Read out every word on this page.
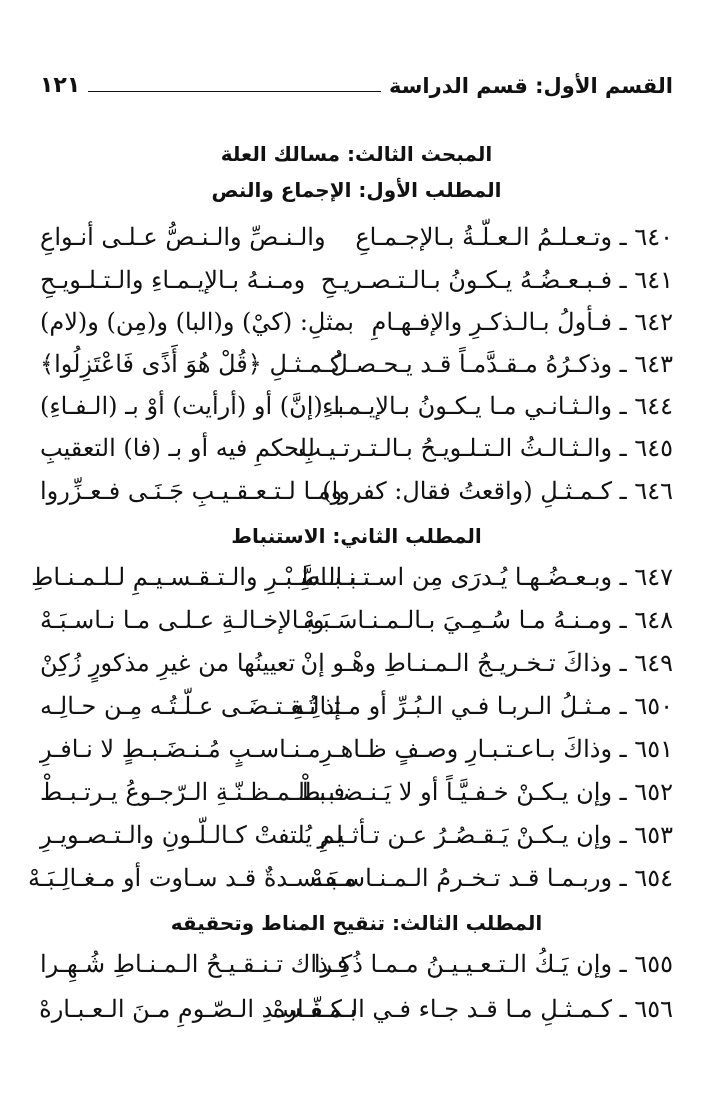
القسم الأول: قسم الدراسة
١٢١
المبحث الثالث: مسالك العلة
المطلب الأول: الإجماع والنص
٦٤٠ ـ وتـعـلـمُ الـعـلّـةُ بـالإجـمـاعِ
والـنـصِّ والـنـصُّ عـلـى أنـواعِ
٦٤١ ـ فـبـعـضُـهُ يـكـونُ بـالـتـصـريـحِ
ومـنـهُ بـالإيـمـاءِ والـتـلـويـحِ
٦٤٢ ـ فـأولُ بـالـذكـرِ والإفـهـامِ
بمثلِ: (كيْ) و(البا) و(مِن) و(لام)
٦٤٣ ـ وذكـرُهُ مـقـدَّمـاً قـد يـحـصـلُ
كـمـثـلِ ﴿قُلْ هُوَ أَذًى فَاعْتَزِلُوا﴾
٦٤٤ ـ والـثـانـي مـا يـكـونُ بـالإيـمـاءِ
بـ (إنَّ) أو (أرأيت) أوْ بـ (الـفـاءِ)
٦٤٥ ـ والـثـالـثُ الـتـلـويـحُ بـالـتـرتـيـبِ
للحكمِ فيه أو بـ (فا) التعقيبِ
٦٤٦ ـ كـمـثـلِ (واقعتُ فقال: كفروا)
ومـا لـتـعـقـيـبِ جَـنَـى فـعـزِّروا
المطلب الثاني: الاستنباط
٦٤٧ ـ وبـعـضُـهـا يُـدرَى مِن اسـتـنـبـاطِ
بـالـسَّـبْـرِ والـتـقـسـيـمِ لـلـمـنـاطِ
٦٤٨ ـ ومـنـهُ مـا سُـمِـيَ بـالـمـنـاسَـبَـهْ
وبـالإخـالـةِ عـلـى مـا نـاسـبَـهْ
٦٤٩ ـ وذاكَ تـخـريـجُ الـمـنـاطِ وهْـو إنْ
تعيينُها من غيرِ مذكورٍ زُكِنْ
٦٥٠ ـ مـثـلُ الـربـا فـي الـبُـرِّ أو مـثـالِـهِ
إذ تُـقـتـضَـى عـلّـتُـه مِـن حـالِـه
٦٥١ ـ وذاكَ بـاعـتـبـارِ وصـفٍ ظـاهـرِ
مـنـاسـبٍ مُـنـضَـبـطٍ لا نـافـرِ
٦٥٢ ـ وإن يـكـنْ خـفـيَّـاً أو لا يَـنـضـبـطْ
فـبـالـمـظـنّـةِ الـرّجـوعُ يـرتـبـطْ
٦٥٣ ـ وإن يـكـنْ يَـقـصُـرُ عـن تـأثـيـرِ
لم يُلتفتْ كـالـلّـونِ والـتـصـويـرِ
٦٥٤ ـ وربـمـا قـد تـخـرمُ الـمـنـاسـبَـهْ
مـفـسـدةٌ قـد سـاوت أو مـغـالِـبَـهْ
المطلب الثالث: تنقيح المناط وتحقيقه
٦٥٥ ـ وإن يَـكُ الـتـعـيـيـنُ مـمـا ذُكِـرا
فـذاك تـنـقـيـحُ الـمـنـاطِ شُـهِـرا
٦٥٦ ـ كـمـثـلِ مـا قـد جـاء فـي الـكـفّـارهْ
بـمـفـسـدِ الـصّـومِ مـنَ الـعـبـارهْ
